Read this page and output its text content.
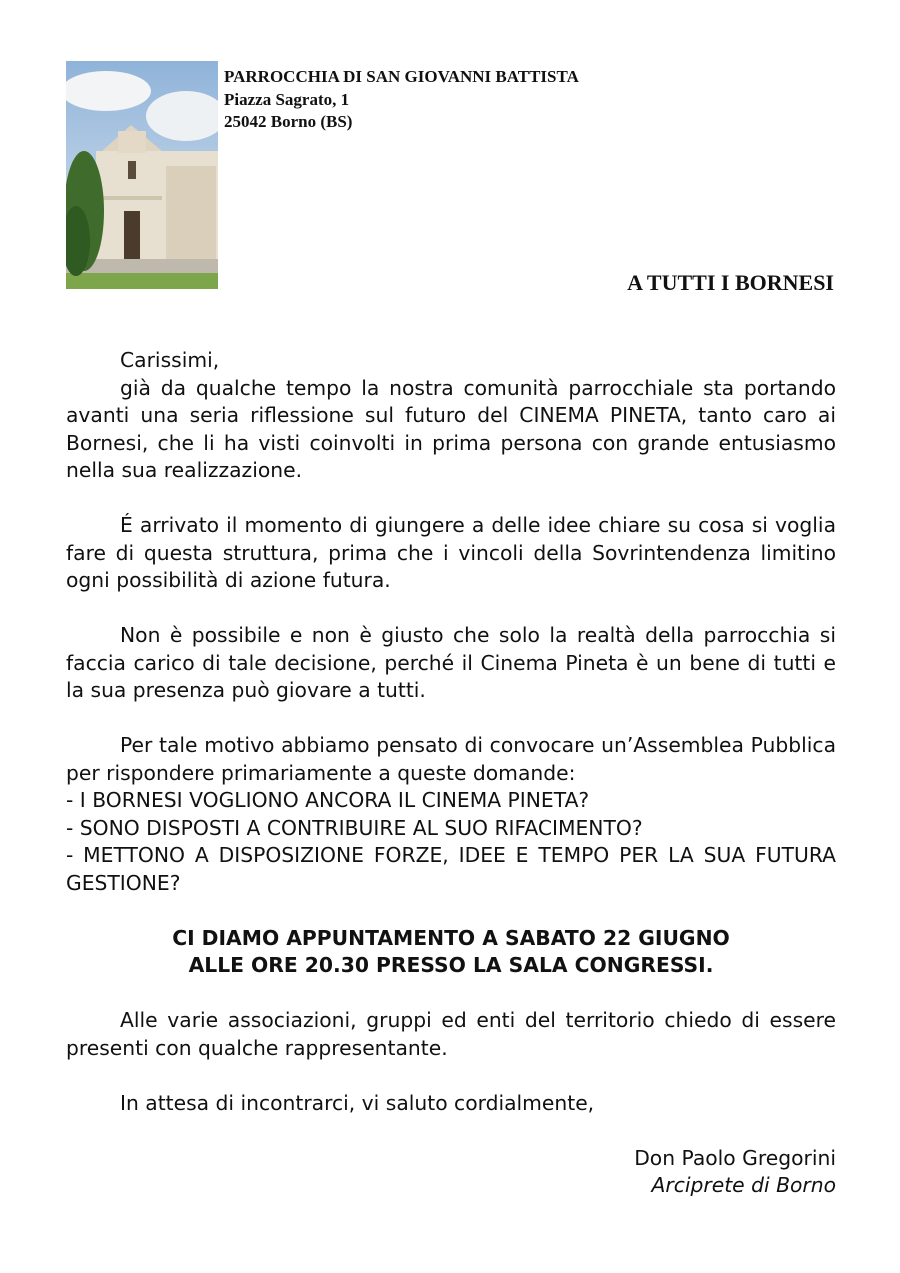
PARROCCHIA DI SAN GIOVANNI BATTISTA
Piazza Sagrato, 1
25042 Borno (BS)
A TUTTI I BORNESI

Carissimi,

già da qualche tempo la nostra comunità parrocchiale sta portando avanti una seria riflessione sul futuro del CINEMA PINETA, tanto caro ai Bornesi, che li ha visti coinvolti in prima persona con grande entusiasmo nella sua realizzazione.

É arrivato il momento di giungere a delle idee chiare su cosa si voglia fare di questa struttura, prima che i vincoli della Sovrintendenza limitino ogni possibilità di azione futura.

Non è possibile e non è giusto che solo la realtà della parrocchia si faccia carico di tale decisione, perché il Cinema Pineta è un bene di tutti e la sua presenza può giovare a tutti.

Per tale motivo abbiamo pensato di convocare un’Assemblea Pubblica per rispondere primariamente a queste domande:

- I BORNESI VOGLIONO ANCORA IL CINEMA PINETA?

- SONO DISPOSTI A CONTRIBUIRE AL SUO RIFACIMENTO?

- METTONO A DISPOSIZIONE FORZE, IDEE E TEMPO PER LA SUA FUTURA GESTIONE?

CI DIAMO APPUNTAMENTO A SABATO 22 GIUGNO

ALLE ORE 20.30 PRESSO LA SALA CONGRESSI.

Alle varie associazioni, gruppi ed enti del territorio chiedo di essere presenti con qualche rappresentante.

In attesa di incontrarci, vi saluto cordialmente,

Don Paolo Gregorini

Arciprete di Borno
